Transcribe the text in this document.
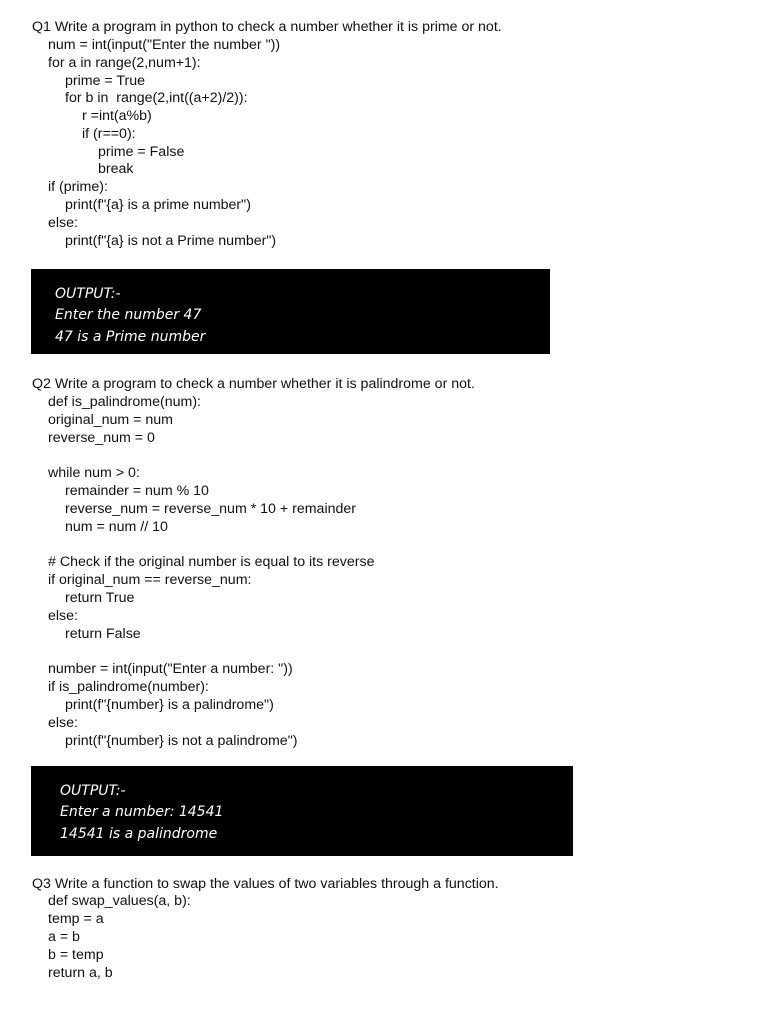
Q1 Write a program in python to check a number whether it is prime or not.
num = int(input("Enter the number "))
for a in range(2,num+1):
prime = True
for b in  range(2,int((a+2)/2)):
r =int(a%b)
if (r==0):
prime = False
break
if (prime):
print(f"{a} is a prime number")
else:
print(f"{a} is not a Prime number")
OUTPUT:-
Enter the number 47
47 is a Prime number
Q2 Write a program to check a number whether it is palindrome or not.
def is_palindrome(num):
original_num = num
reverse_num = 0
while num > 0:
remainder = num % 10
reverse_num = reverse_num * 10 + remainder
num = num // 10
# Check if the original number is equal to its reverse
if original_num == reverse_num:
return True
else:
return False
number = int(input("Enter a number: "))
if is_palindrome(number):
print(f"{number} is a palindrome")
else:
print(f"{number} is not a palindrome")
OUTPUT:-
Enter a number: 14541
14541 is a palindrome
Q3 Write a function to swap the values of two variables through a function.
def swap_values(a, b):
temp = a
a = b
b = temp
return a, b
